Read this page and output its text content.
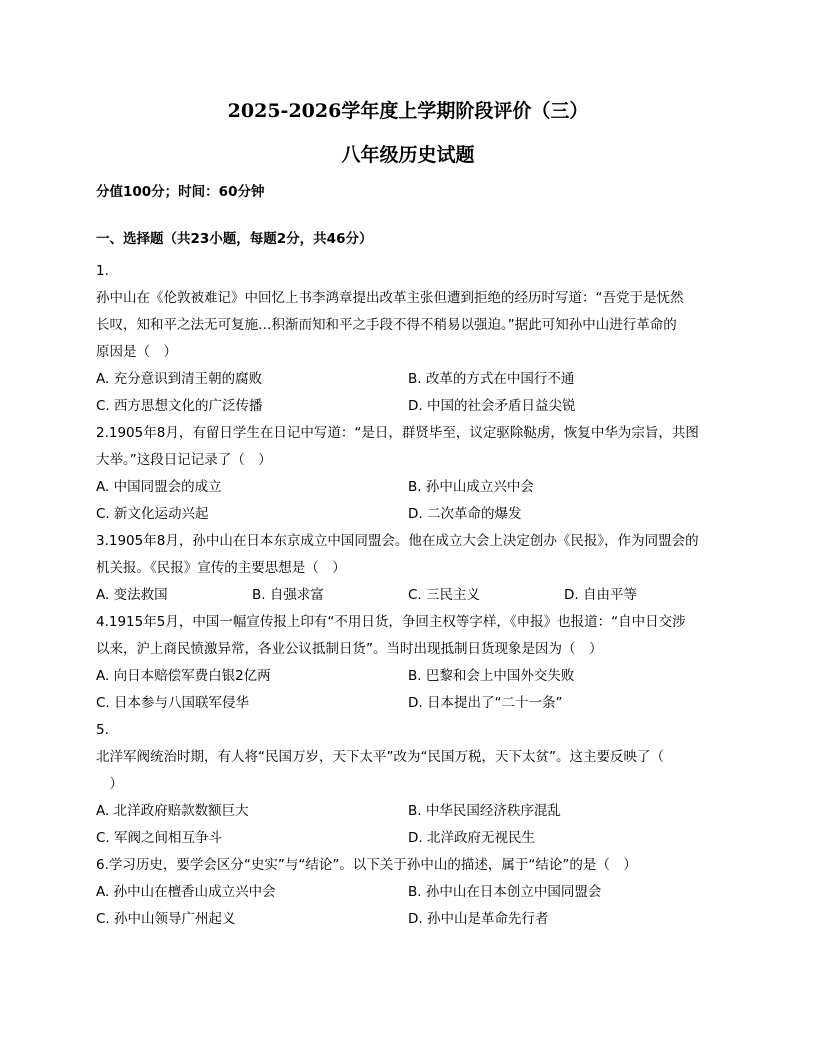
2025-2026学年度上学期阶段评价（三）
八年级历史试题
分值100分；时间：60分钟
一、选择题（共23小题，每题2分，共46分）
1.
孙中山在《伦敦被难记》中回忆上书李鸿章提出改革主张但遭到拒绝的经历时写道：“吾党于是怃然
长叹，知和平之法无可复施…积渐而知和平之手段不得不稍易以强迫。”据此可知孙中山进行革命的
原因是（　）
A. 充分意识到清王朝的腐败	B. 改革的方式在中国行不通
C. 西方思想文化的广泛传播	D. 中国的社会矛盾日益尖锐
2.1905年8月，有留日学生在日记中写道：“是日，群贤毕至，议定驱除鞑虏，恢复中华为宗旨，共图
大举。”这段日记记录了（　）
A. 中国同盟会的成立	B. 孙中山成立兴中会
C. 新文化运动兴起	D. 二次革命的爆发
3.1905年8月，孙中山在日本东京成立中国同盟会。他在成立大会上决定创办《民报》，作为同盟会的
机关报。《民报》宣传的主要思想是（　）
A. 变法救国	B. 自强求富	C. 三民主义	D. 自由平等
4.1915年5月，中国一幅宣传报上印有“不用日货，争回主权等字样，《申报》也报道：“自中日交涉
以来，沪上商民愤激异常，各业公议抵制日货”。当时出现抵制日货现象是因为（　）
A. 向日本赔偿军费白银2亿两	B. 巴黎和会上中国外交失败
C. 日本参与八国联军侵华	D. 日本提出了“二十一条”
5.
北洋军阀统治时期，有人将“民国万岁，天下太平”改为“民国万税，天下太贫”。这主要反映了（
　）
A. 北洋政府赔款数额巨大	B. 中华民国经济秩序混乱
C. 军阀之间相互争斗	D. 北洋政府无视民生
6.学习历史，要学会区分“史实”与“结论”。以下关于孙中山的描述，属于“结论”的是（　）
A. 孙中山在檀香山成立兴中会	B. 孙中山在日本创立中国同盟会
C. 孙中山领导广州起义	D. 孙中山是革命先行者
